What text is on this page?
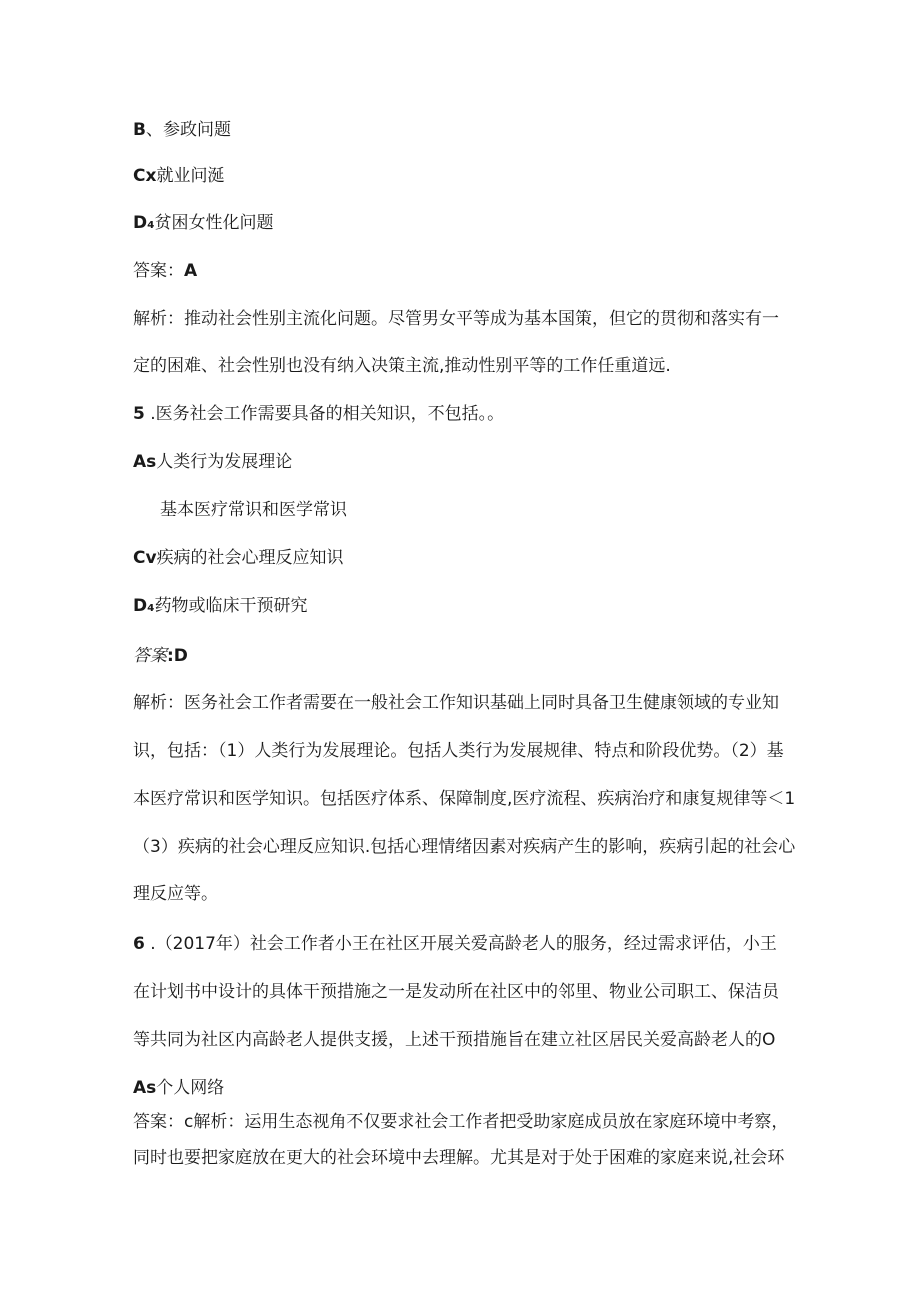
B、参政问题
Cx就业问涎
D₄贫困女性化问题
答案：A
解析：推动社会性别主流化问题。尽管男女平等成为基本国策，但它的贯彻和落实有一
定的困难、社会性别也没有纳入决策主流,推动性别平等的工作任重道远.
5 .医务社会工作需要具备的相关知识，不包括。。
As人类行为发展理论
基本医疗常识和医学常识
Cv疾病的社会心理反应知识
D₄药物或临床干预研究
答案:D
解析：医务社会工作者需要在一般社会工作知识基础上同时具备卫生健康领域的专业知
识，包括：（1）人类行为发展理论。包括人类行为发展规律、特点和阶段优势。（2）基
本医疗常识和医学知识。包括医疗体系、保障制度,医疗流程、疾病治疗和康复规律等＜1
（3）疾病的社会心理反应知识.包括心理情绪因素对疾病产生的影响，疾病引起的社会心
理反应等。
6 .（2017年）社会工作者小王在社区开展关爱高龄老人的服务，经过需求评估，小王
在计划书中设计的具体干预措施之一是发动所在社区中的邻里、物业公司职工、保洁员
等共同为社区内高龄老人提供支援，上述干预措施旨在建立社区居民关爱高龄老人的O
As个人网络
答案：c解析：运用生态视角不仅要求社会工作者把受助家庭成员放在家庭环境中考察，
同时也要把家庭放在更大的社会环境中去理解。尤其是对于处于困难的家庭来说,社会环
